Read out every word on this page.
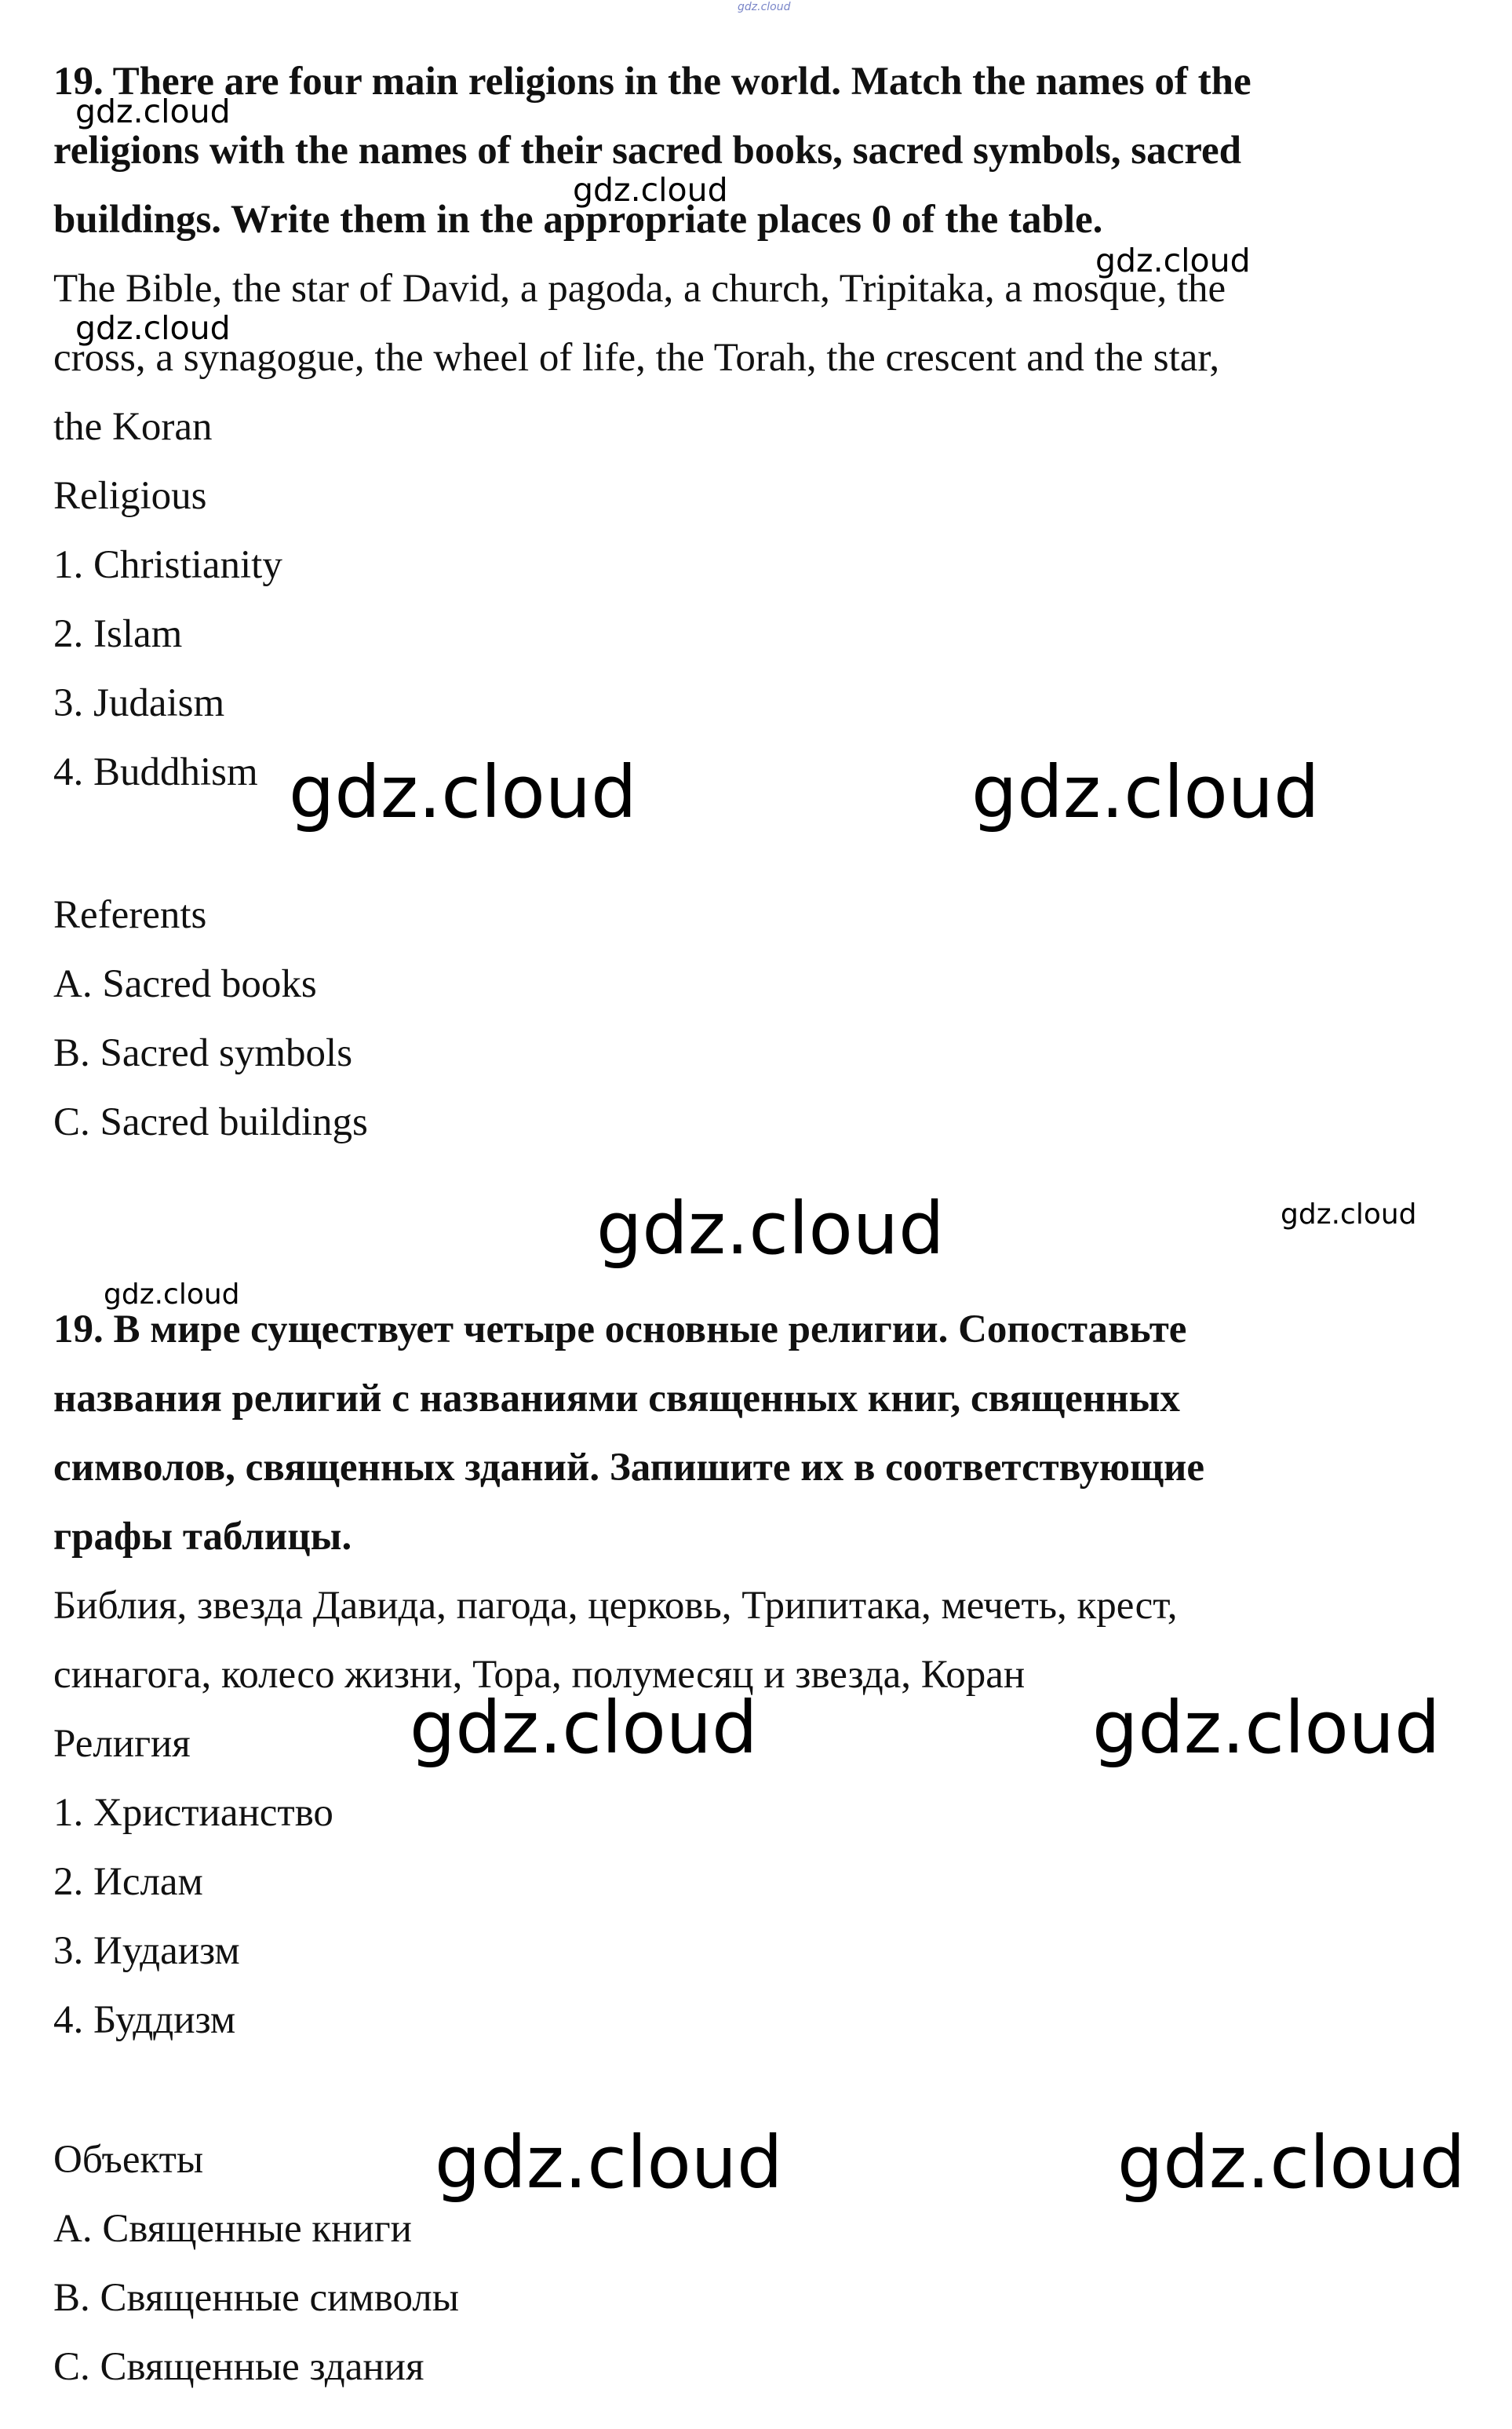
gdz.cloud
19. There are four main religions in the world. Match the names of the
religions with the names of their sacred books, sacred symbols, sacred
buildings. Write them in the appropriate places 0 of the table.
The Bible, the star of David, a pagoda, a church, Tripitaka, a mosque, the
cross, a synagogue, the wheel of life, the Torah, the crescent and the star,
the Koran
Religious
1. Christianity
2. Islam
3. Judaism
4. Buddhism
Referents
A. Sacred books
B. Sacred symbols
C. Sacred buildings
19. В мире существует четыре основные религии. Сопоставьте
названия религий с названиями священных книг, священных
символов, священных зданий. Запишите их в соответствующие
графы таблицы.
Библия, звезда Давида, пагода, церковь, Трипитака, мечеть, крест,
синагога, колесо жизни, Тора, полумесяц и звезда, Коран
Религия
1. Христианство
2. Ислам
3. Иудаизм
4. Буддизм
Объекты
A. Священные книги
B. Священные символы
C. Священные здания
gdz.cloud
gdz.cloud
gdz.cloud
gdz.cloud
gdz.cloud	gdz.cloud
gdz.cloud	gdz.cloud
gdz.cloud
gdz.cloud	gdz.cloud
gdz.cloud	gdz.cloud
